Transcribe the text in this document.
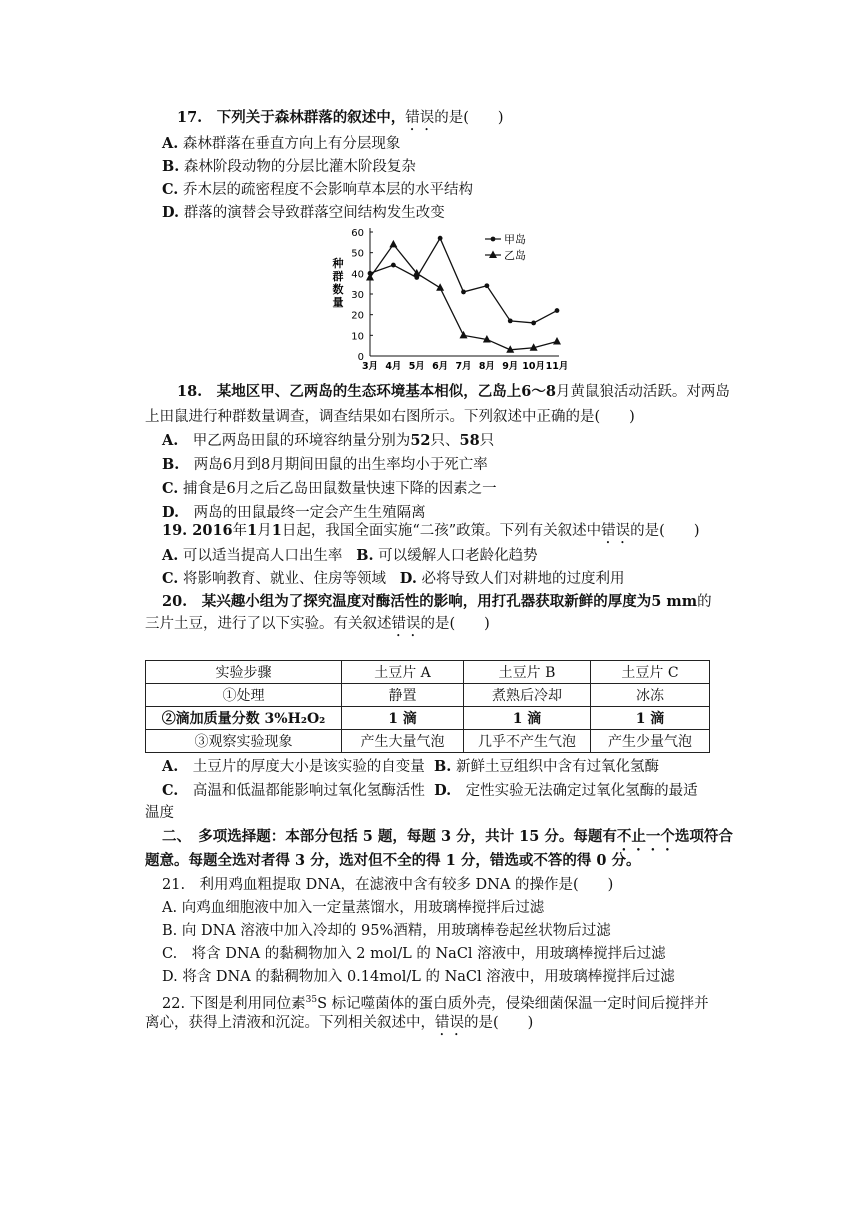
17.　下列关于森林群落的叙述中，错误的是(　　)
A. 森林群落在垂直方向上有分层现象
B. 森林阶段动物的分层比灌木阶段复杂
C. 乔木层的疏密程度不会影响草本层的水平结构
D. 群落的演替会导致群落空间结构发生改变
种
群
数
量
0
10
20
30
40
50
60
3月 4月 5月 6月 7月 8月 9月 10月 11月
甲岛
乙岛
18.　某地区甲、乙两岛的生态环境基本相似，乙岛上6～8月黄鼠狼活动活跃。对两岛
上田鼠进行种群数量调查，调查结果如右图所示。下列叙述中正确的是(　　)
A.　甲乙两岛田鼠的环境容纳量分别为52只、58只
B.　两岛6月到8月期间田鼠的出生率均小于死亡率
C. 捕食是6月之后乙岛田鼠数量快速下降的因素之一
D.　两岛的田鼠最终一定会产生生殖隔离
19. 2016年1月1日起，我国全面实施“二孩”政策。下列有关叙述中错误的是(　　)
A. 可以适当提高人口出生率 B. 可以缓解人口老龄化趋势
C. 将影响教育、就业、住房等领域 D. 必将导致人们对耕地的过度利用
20.　某兴趣小组为了探究温度对酶活性的影响，用打孔器获取新鲜的厚度为5 mm的
三片土豆，进行了以下实验。有关叙述错误的是(　　)
实验步骤	土豆片 A	土豆片 B	土豆片 C
①处理	静置	煮熟后冷却	冰冻
②滴加质量分数 3%H₂O₂	1 滴	1 滴	1 滴
③观察实验现象	产生大量气泡	几乎不产生气泡	产生少量气泡
A.　土豆片的厚度大小是该实验的自变量 B. 新鲜土豆组织中含有过氧化氢酶
C.　高温和低温都能影响过氧化氢酶活性 D.　定性实验无法确定过氧化氢酶的最适
温度
二、　多项选择题：本部分包括 5 题，每题 3 分，共计 15 分。每题有不止一个选项符合
题意。每题全选对者得 3 分，选对但不全的得 1 分，错选或不答的得 0 分。
21.　利用鸡血粗提取 DNA，在滤液中含有较多 DNA 的操作是(　　)
A. 向鸡血细胞液中加入一定量蒸馏水，用玻璃棒搅拌后过滤
B. 向 DNA 溶液中加入冷却的 95%酒精，用玻璃棒卷起丝状物后过滤
C.　将含 DNA 的黏稠物加入 2 mol/L 的 NaCl 溶液中，用玻璃棒搅拌后过滤
D. 将含 DNA 的黏稠物加入 0.14mol/L 的 NaCl 溶液中，用玻璃棒搅拌后过滤
22. 下图是利用同位素$^{35}$S 标记噬菌体的蛋白质外壳，侵染细菌保温一定时间后搅拌并
离心，获得上清液和沉淀。下列相关叙述中，错误的是(　　)
